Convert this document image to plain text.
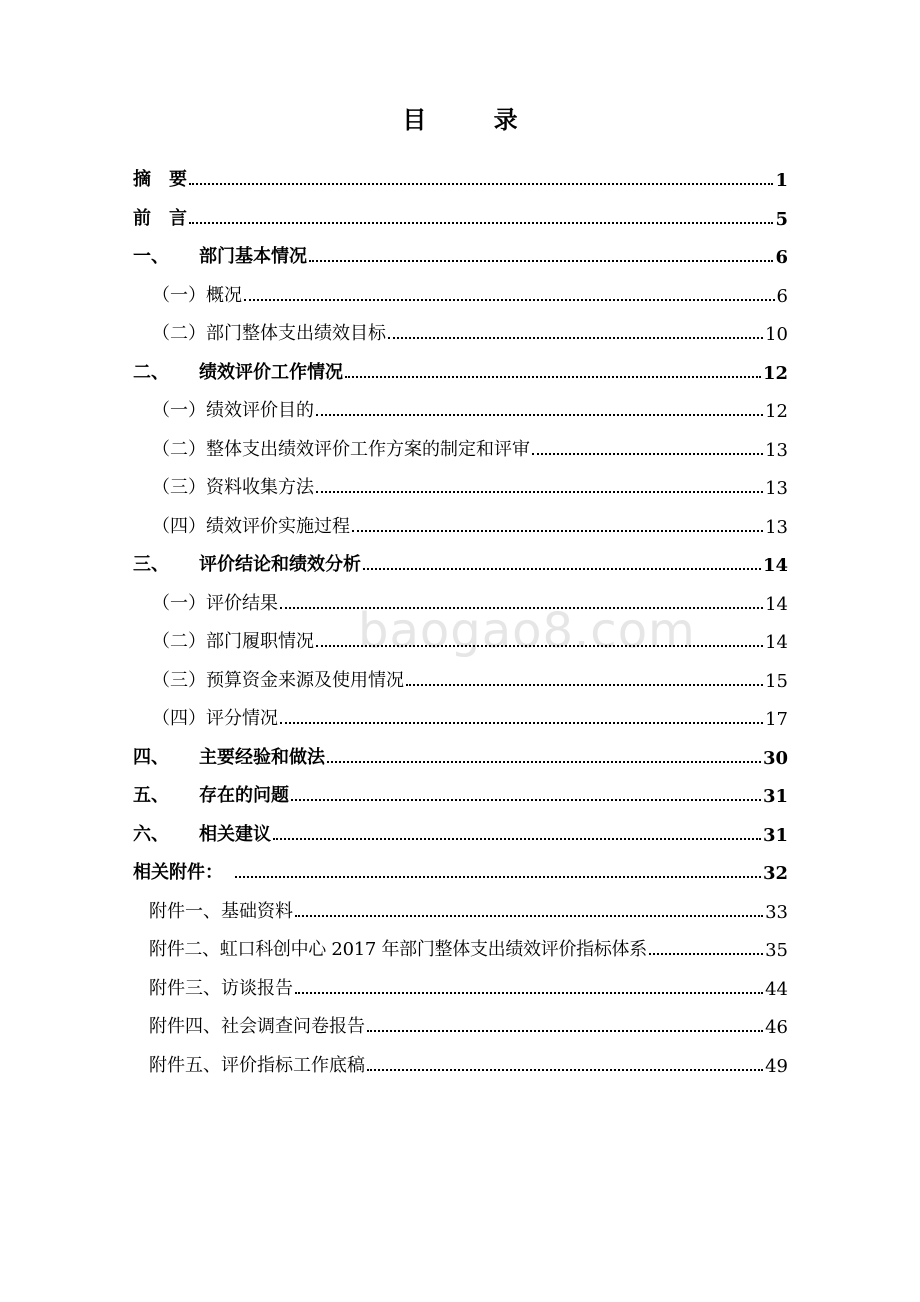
目　录
baogao8.com
摘　要	1
前　言	5
一、	部门基本情况	6
（一）概况	6
（二）部门整体支出绩效目标	10
二、	绩效评价工作情况	12
（一）绩效评价目的	12
（二）整体支出绩效评价工作方案的制定和评审	13
（三）资料收集方法	13
（四）绩效评价实施过程	13
三、	评价结论和绩效分析	14
（一）评价结果	14
（二）部门履职情况	14
（三）预算资金来源及使用情况	15
（四）评分情况	17
四、	主要经验和做法	30
五、	存在的问题	31
六、	相关建议	31
相关附件：	32
附件一、基础资料	33
附件二、虹口科创中心 2017 年部门整体支出绩效评价指标体系	35
附件三、访谈报告	44
附件四、社会调查问卷报告	46
附件五、评价指标工作底稿	49
